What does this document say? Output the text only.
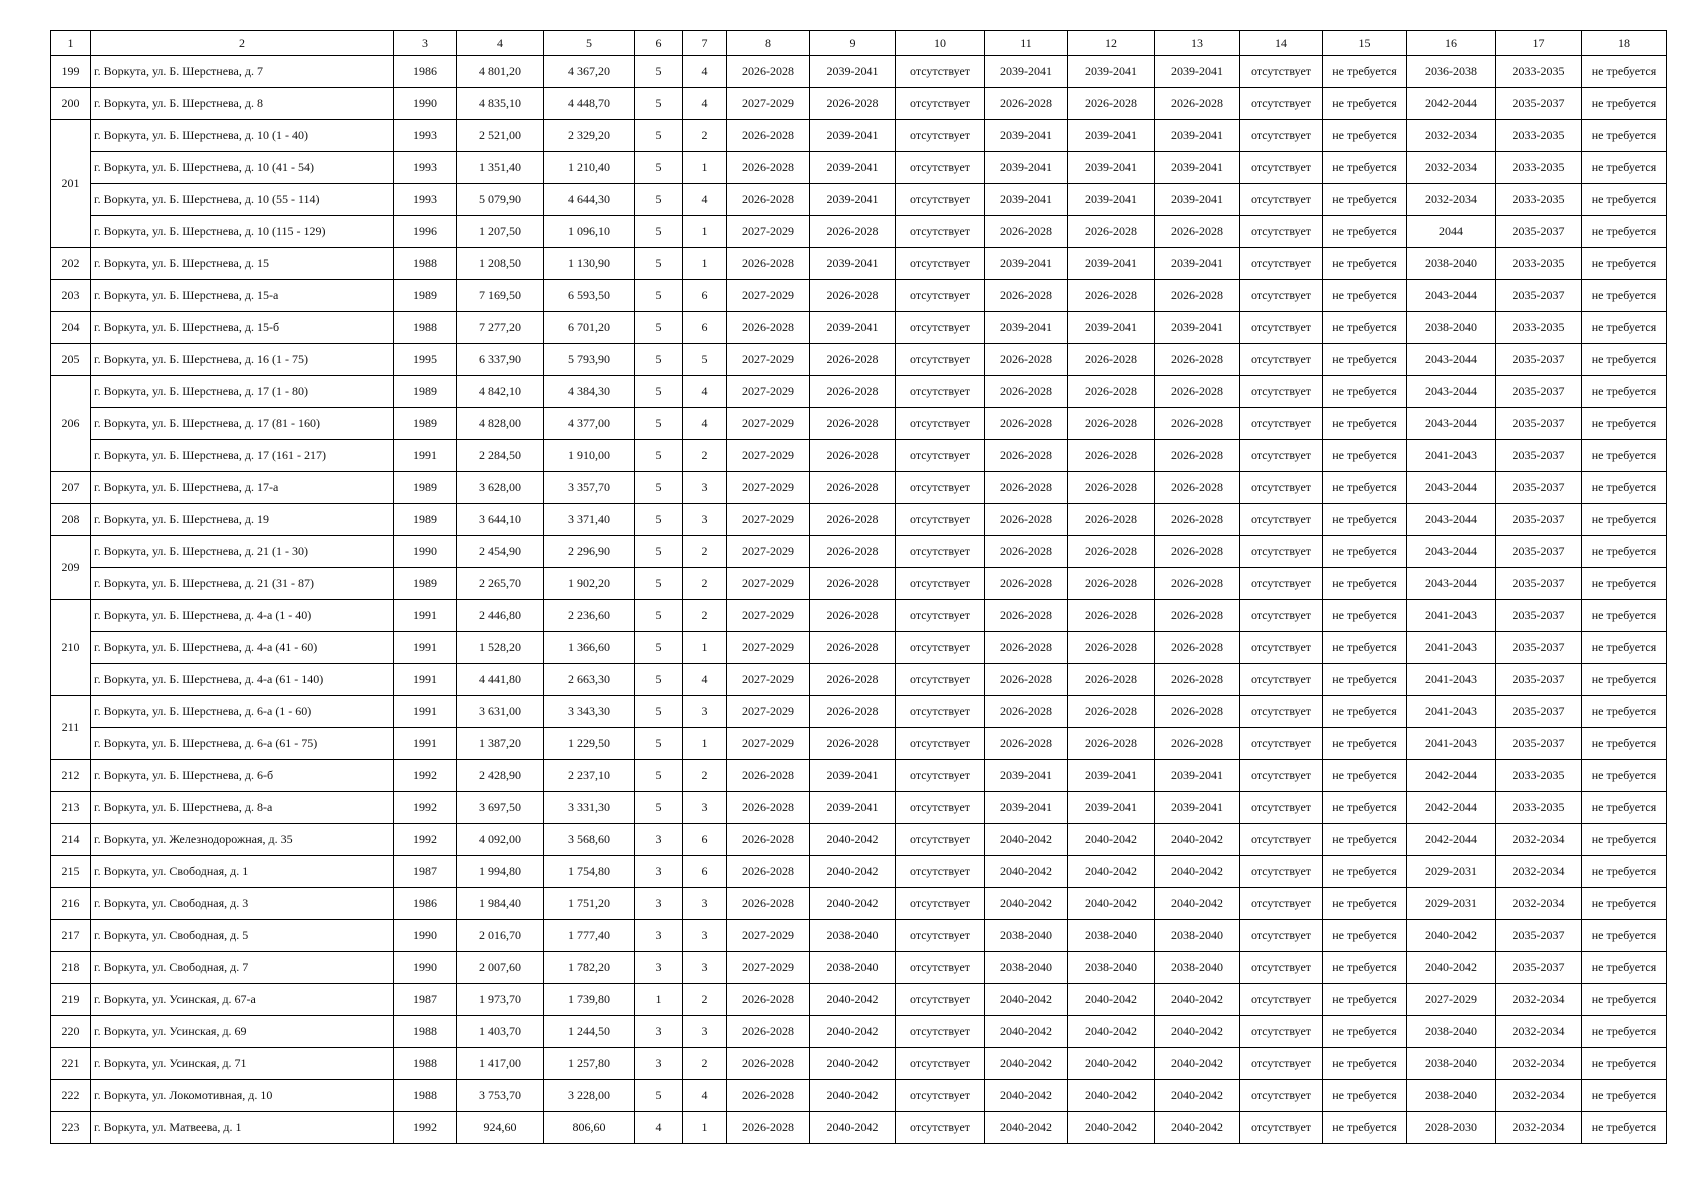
1	2	3	4	5	6	7	8	9	10	11	12	13	14	15	16	17	18
199	г. Воркута, ул. Б. Шерстнева, д. 7	1986	4 801,20	4 367,20	5	4	2026-2028	2039-2041	отсутствует	2039-2041	2039-2041	2039-2041	отсутствует	не требуется	2036-2038	2033-2035	не требуется
200	г. Воркута, ул. Б. Шерстнева, д. 8	1990	4 835,10	4 448,70	5	4	2027-2029	2026-2028	отсутствует	2026-2028	2026-2028	2026-2028	отсутствует	не требуется	2042-2044	2035-2037	не требуется
201	г. Воркута, ул. Б. Шерстнева, д. 10 (1 - 40)	1993	2 521,00	2 329,20	5	2	2026-2028	2039-2041	отсутствует	2039-2041	2039-2041	2039-2041	отсутствует	не требуется	2032-2034	2033-2035	не требуется
	г. Воркута, ул. Б. Шерстнева, д. 10 (41 - 54)	1993	1 351,40	1 210,40	5	1	2026-2028	2039-2041	отсутствует	2039-2041	2039-2041	2039-2041	отсутствует	не требуется	2032-2034	2033-2035	не требуется
	г. Воркута, ул. Б. Шерстнева, д. 10 (55 - 114)	1993	5 079,90	4 644,30	5	4	2026-2028	2039-2041	отсутствует	2039-2041	2039-2041	2039-2041	отсутствует	не требуется	2032-2034	2033-2035	не требуется
	г. Воркута, ул. Б. Шерстнева, д. 10 (115 - 129)	1996	1 207,50	1 096,10	5	1	2027-2029	2026-2028	отсутствует	2026-2028	2026-2028	2026-2028	отсутствует	не требуется	2044	2035-2037	не требуется
202	г. Воркута, ул. Б. Шерстнева, д. 15	1988	1 208,50	1 130,90	5	1	2026-2028	2039-2041	отсутствует	2039-2041	2039-2041	2039-2041	отсутствует	не требуется	2038-2040	2033-2035	не требуется
203	г. Воркута, ул. Б. Шерстнева, д. 15-а	1989	7 169,50	6 593,50	5	6	2027-2029	2026-2028	отсутствует	2026-2028	2026-2028	2026-2028	отсутствует	не требуется	2043-2044	2035-2037	не требуется
204	г. Воркута, ул. Б. Шерстнева, д. 15-б	1988	7 277,20	6 701,20	5	6	2026-2028	2039-2041	отсутствует	2039-2041	2039-2041	2039-2041	отсутствует	не требуется	2038-2040	2033-2035	не требуется
205	г. Воркута, ул. Б. Шерстнева, д. 16 (1 - 75)	1995	6 337,90	5 793,90	5	5	2027-2029	2026-2028	отсутствует	2026-2028	2026-2028	2026-2028	отсутствует	не требуется	2043-2044	2035-2037	не требуется
206	г. Воркута, ул. Б. Шерстнева, д. 17 (1 - 80)	1989	4 842,10	4 384,30	5	4	2027-2029	2026-2028	отсутствует	2026-2028	2026-2028	2026-2028	отсутствует	не требуется	2043-2044	2035-2037	не требуется
	г. Воркута, ул. Б. Шерстнева, д. 17 (81 - 160)	1989	4 828,00	4 377,00	5	4	2027-2029	2026-2028	отсутствует	2026-2028	2026-2028	2026-2028	отсутствует	не требуется	2043-2044	2035-2037	не требуется
	г. Воркута, ул. Б. Шерстнева, д. 17 (161 - 217)	1991	2 284,50	1 910,00	5	2	2027-2029	2026-2028	отсутствует	2026-2028	2026-2028	2026-2028	отсутствует	не требуется	2041-2043	2035-2037	не требуется
207	г. Воркута, ул. Б. Шерстнева, д. 17-а	1989	3 628,00	3 357,70	5	3	2027-2029	2026-2028	отсутствует	2026-2028	2026-2028	2026-2028	отсутствует	не требуется	2043-2044	2035-2037	не требуется
208	г. Воркута, ул. Б. Шерстнева, д. 19	1989	3 644,10	3 371,40	5	3	2027-2029	2026-2028	отсутствует	2026-2028	2026-2028	2026-2028	отсутствует	не требуется	2043-2044	2035-2037	не требуется
209	г. Воркута, ул. Б. Шерстнева, д. 21 (1 - 30)	1990	2 454,90	2 296,90	5	2	2027-2029	2026-2028	отсутствует	2026-2028	2026-2028	2026-2028	отсутствует	не требуется	2043-2044	2035-2037	не требуется
	г. Воркута, ул. Б. Шерстнева, д. 21 (31 - 87)	1989	2 265,70	1 902,20	5	2	2027-2029	2026-2028	отсутствует	2026-2028	2026-2028	2026-2028	отсутствует	не требуется	2043-2044	2035-2037	не требуется
210	г. Воркута, ул. Б. Шерстнева, д. 4-а (1 - 40)	1991	2 446,80	2 236,60	5	2	2027-2029	2026-2028	отсутствует	2026-2028	2026-2028	2026-2028	отсутствует	не требуется	2041-2043	2035-2037	не требуется
	г. Воркута, ул. Б. Шерстнева, д. 4-а (41 - 60)	1991	1 528,20	1 366,60	5	1	2027-2029	2026-2028	отсутствует	2026-2028	2026-2028	2026-2028	отсутствует	не требуется	2041-2043	2035-2037	не требуется
	г. Воркута, ул. Б. Шерстнева, д. 4-а (61 - 140)	1991	4 441,80	2 663,30	5	4	2027-2029	2026-2028	отсутствует	2026-2028	2026-2028	2026-2028	отсутствует	не требуется	2041-2043	2035-2037	не требуется
211	г. Воркута, ул. Б. Шерстнева, д. 6-а (1 - 60)	1991	3 631,00	3 343,30	5	3	2027-2029	2026-2028	отсутствует	2026-2028	2026-2028	2026-2028	отсутствует	не требуется	2041-2043	2035-2037	не требуется
	г. Воркута, ул. Б. Шерстнева, д. 6-а (61 - 75)	1991	1 387,20	1 229,50	5	1	2027-2029	2026-2028	отсутствует	2026-2028	2026-2028	2026-2028	отсутствует	не требуется	2041-2043	2035-2037	не требуется
212	г. Воркута, ул. Б. Шерстнева, д. 6-б	1992	2 428,90	2 237,10	5	2	2026-2028	2039-2041	отсутствует	2039-2041	2039-2041	2039-2041	отсутствует	не требуется	2042-2044	2033-2035	не требуется
213	г. Воркута, ул. Б. Шерстнева, д. 8-а	1992	3 697,50	3 331,30	5	3	2026-2028	2039-2041	отсутствует	2039-2041	2039-2041	2039-2041	отсутствует	не требуется	2042-2044	2033-2035	не требуется
214	г. Воркута, ул. Железнодорожная, д. 35	1992	4 092,00	3 568,60	3	6	2026-2028	2040-2042	отсутствует	2040-2042	2040-2042	2040-2042	отсутствует	не требуется	2042-2044	2032-2034	не требуется
215	г. Воркута, ул. Свободная, д. 1	1987	1 994,80	1 754,80	3	6	2026-2028	2040-2042	отсутствует	2040-2042	2040-2042	2040-2042	отсутствует	не требуется	2029-2031	2032-2034	не требуется
216	г. Воркута, ул. Свободная, д. 3	1986	1 984,40	1 751,20	3	3	2026-2028	2040-2042	отсутствует	2040-2042	2040-2042	2040-2042	отсутствует	не требуется	2029-2031	2032-2034	не требуется
217	г. Воркута, ул. Свободная, д. 5	1990	2 016,70	1 777,40	3	3	2027-2029	2038-2040	отсутствует	2038-2040	2038-2040	2038-2040	отсутствует	не требуется	2040-2042	2035-2037	не требуется
218	г. Воркута, ул. Свободная, д. 7	1990	2 007,60	1 782,20	3	3	2027-2029	2038-2040	отсутствует	2038-2040	2038-2040	2038-2040	отсутствует	не требуется	2040-2042	2035-2037	не требуется
219	г. Воркута, ул. Усинская, д. 67-а	1987	1 973,70	1 739,80	1	2	2026-2028	2040-2042	отсутствует	2040-2042	2040-2042	2040-2042	отсутствует	не требуется	2027-2029	2032-2034	не требуется
220	г. Воркута, ул. Усинская, д. 69	1988	1 403,70	1 244,50	3	3	2026-2028	2040-2042	отсутствует	2040-2042	2040-2042	2040-2042	отсутствует	не требуется	2038-2040	2032-2034	не требуется
221	г. Воркута, ул. Усинская, д. 71	1988	1 417,00	1 257,80	3	2	2026-2028	2040-2042	отсутствует	2040-2042	2040-2042	2040-2042	отсутствует	не требуется	2038-2040	2032-2034	не требуется
222	г. Воркута, ул. Локомотивная, д. 10	1988	3 753,70	3 228,00	5	4	2026-2028	2040-2042	отсутствует	2040-2042	2040-2042	2040-2042	отсутствует	не требуется	2038-2040	2032-2034	не требуется
223	г. Воркута, ул. Матвеева, д. 1	1992	924,60	806,60	4	1	2026-2028	2040-2042	отсутствует	2040-2042	2040-2042	2040-2042	отсутствует	не требуется	2028-2030	2032-2034	не требуется
